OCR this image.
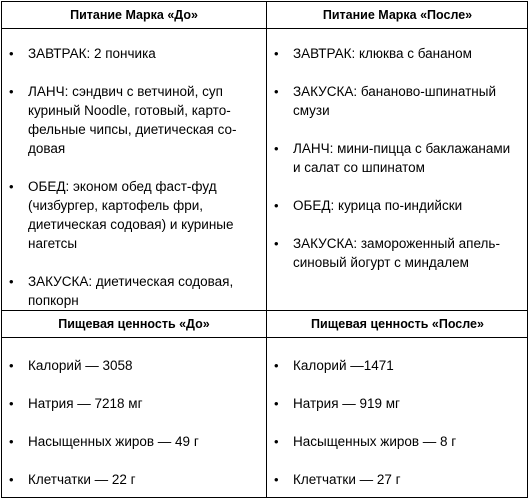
Питание Марка «До»	Питание Марка «После»
Пищевая ценность «До»	Пищевая ценность «После»
• ЗАВТРАК: 2 пончика
• ЛАНЧ: сэндвич с ветчиной, суп
куриный Noodle, готовый, карто-
фельные чипсы, диетическая со-
довая
• ОБЕД: эконом обед фаст-фуд
(чизбургер, картофель фри,
диетическая содовая) и куриные
нагетсы
• ЗАКУСКА: диетическая содовая,
попкорн
• ЗАВТРАК: клюква с бананом
• ЗАКУСКА: бананово-шпинатный
смузи
• ЛАНЧ: мини-пицца с баклажанами
и салат со шпинатом
• ОБЕД: курица по-индийски
• ЗАКУСКА: замороженный апель-
синовый йогурт с миндалем
• Калорий — 3058
• Натрия — 7218 мг
• Насыщенных жиров — 49 г
• Клетчатки — 22 г
• Калорий —1471
• Натрия — 919 мг
• Насыщенных жиров — 8 г
• Клетчатки — 27 г
